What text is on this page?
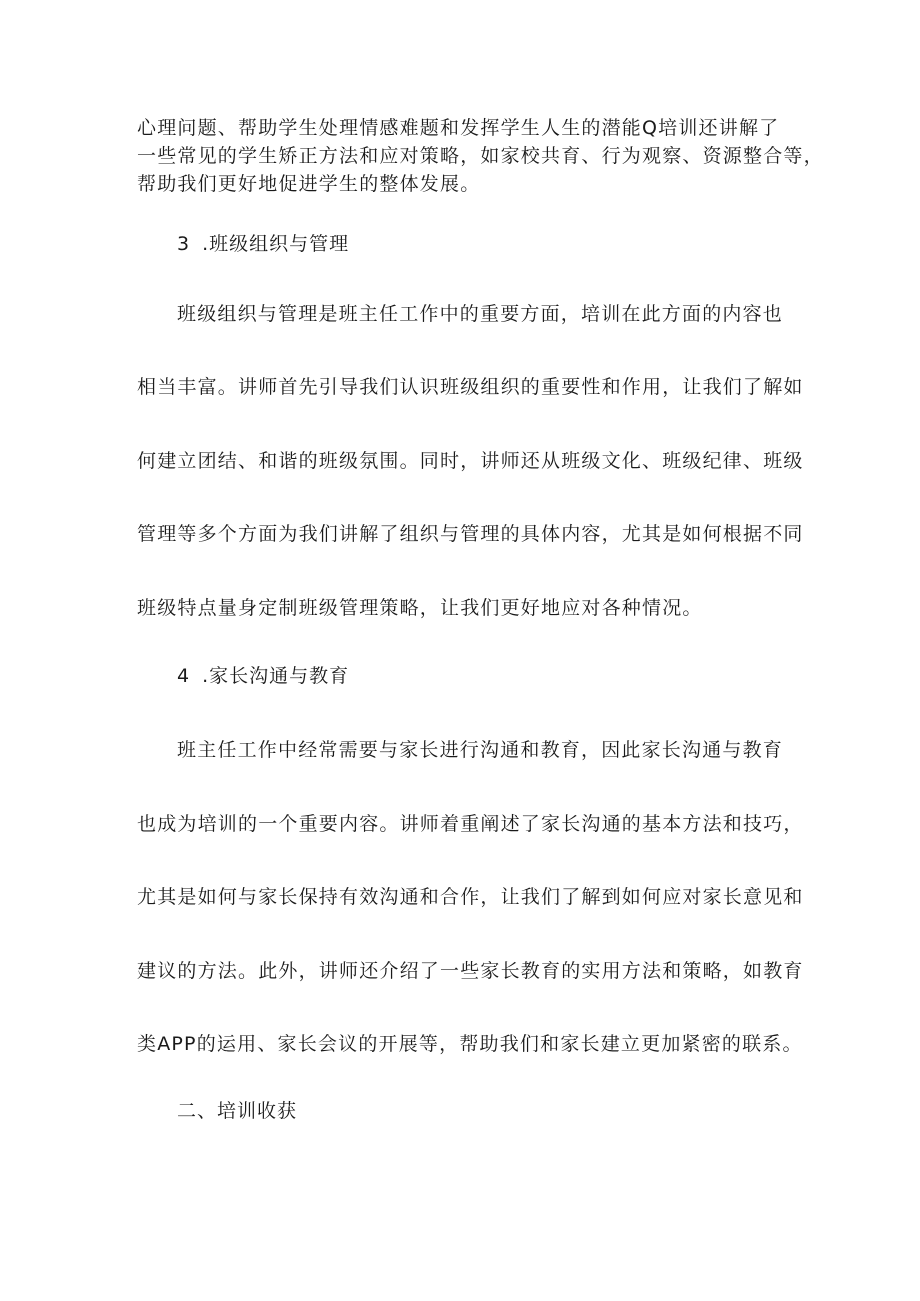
心理问题、帮助学生处理情感难题和发挥学生人生的潜能Q培训还讲解了
一些常见的学生矫正方法和应对策略，如家校共育、行为观察、资源整合等，
帮助我们更好地促进学生的整体发展。
3 .班级组织与管理
班级组织与管理是班主任工作中的重要方面，培训在此方面的内容也
相当丰富。讲师首先引导我们认识班级组织的重要性和作用，让我们了解如
何建立团结、和谐的班级氛围。同时，讲师还从班级文化、班级纪律、班级
管理等多个方面为我们讲解了组织与管理的具体内容，尤其是如何根据不同
班级特点量身定制班级管理策略，让我们更好地应对各种情况。
4 .家长沟通与教育
班主任工作中经常需要与家长进行沟通和教育，因此家长沟通与教育
也成为培训的一个重要内容。讲师着重阐述了家长沟通的基本方法和技巧，
尤其是如何与家长保持有效沟通和合作，让我们了解到如何应对家长意见和
建议的方法。此外，讲师还介绍了一些家长教育的实用方法和策略，如教育
类APP的运用、家长会议的开展等，帮助我们和家长建立更加紧密的联系。
二、培训收获
